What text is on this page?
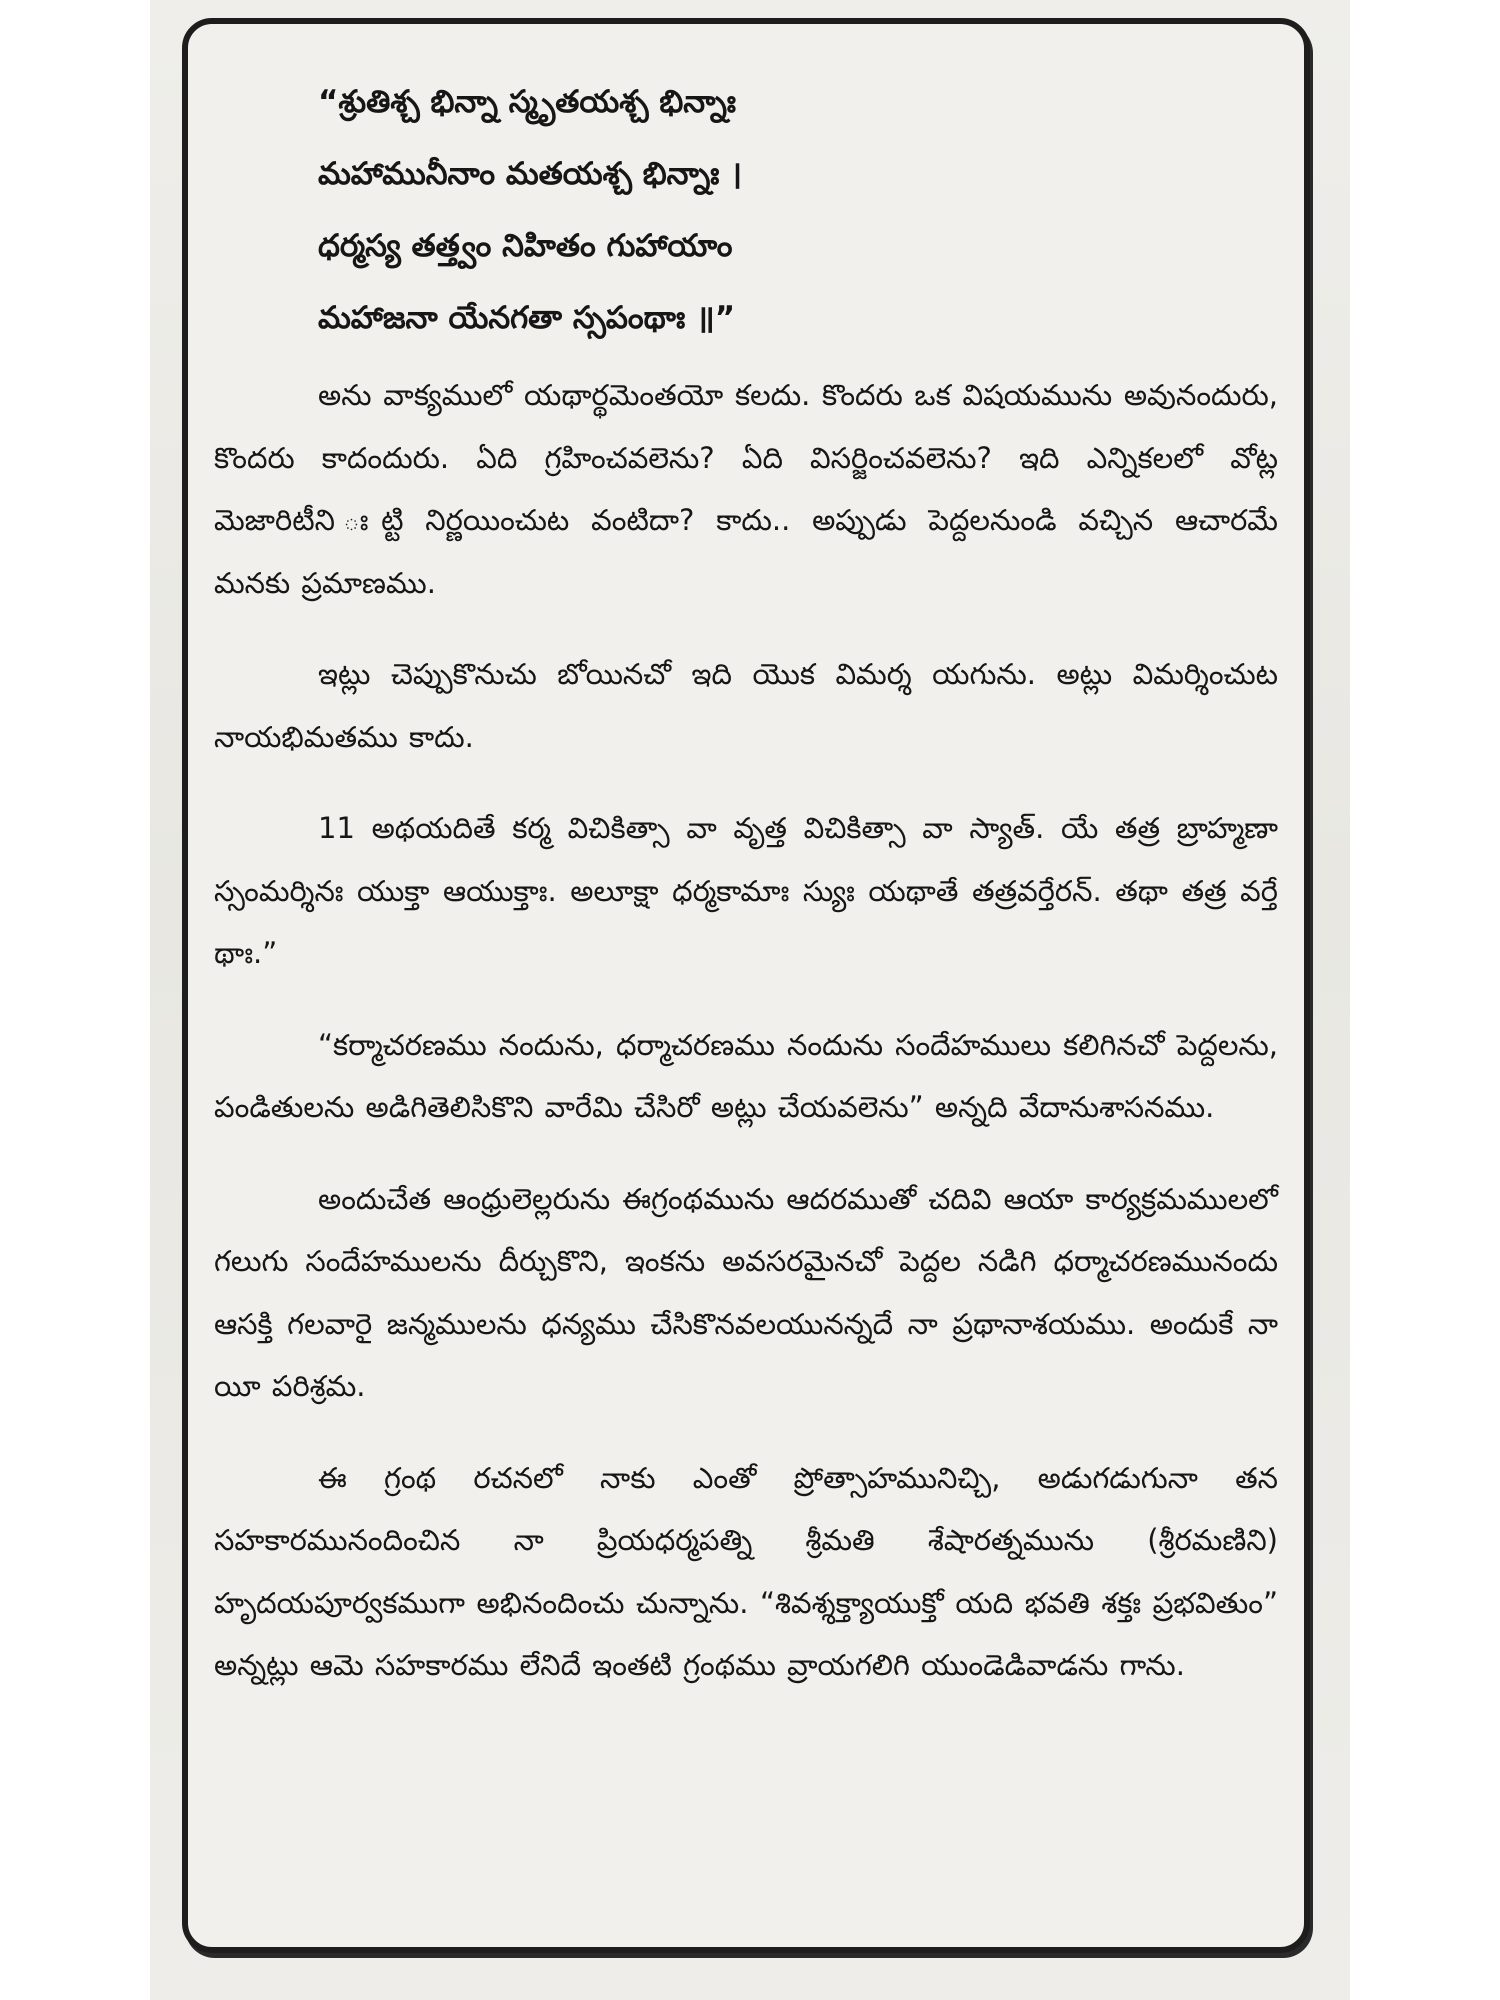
“శ్రుతిశ్చ భిన్నా స్మృతయశ్చ భిన్నాః
మహామునీనాం మతయశ్చ భిన్నాః ।
ధర్మస్య తత్త్వం నిహితం గుహాయాం
మహాజనా యేనగతా స్సపంథాః ॥”

అను వాక్యములో యథార్థమెంతయో కలదు. కొందరు ఒక విషయమును అవునందురు, కొందరు కాదందురు. ఏది గ్రహించవలెను? ఏది విసర్జించవలెను? ఇది ఎన్నికలలో వోట్ల మెజారిటీని ఃట్టి నిర్ణయించుట వంటిదా? కాదు.. అప్పుడు పెద్దలనుండి వచ్చిన ఆచారమే మనకు ప్రమాణము.

ఇట్లు చెప్పుకొనుచు బోయినచో ఇది యొక విమర్శ యగును. అట్లు విమర్శించుట నాయభిమతము కాదు.

11 అథయదితే కర్మ విచికిత్సా వా వృత్త విచికిత్సా వా స్యాత్. యే తత్ర బ్రాహ్మణా స్సంమర్శినః యుక్తా ఆయుక్తాః. అలూక్షా ధర్మకామాః స్యుః యథాతే తత్రవర్తేరన్. తథా తత్ర వర్తే థాః.”

“కర్మాచరణము నందును, ధర్మాచరణము నందును సందేహములు కలిగినచో పెద్దలను, పండితులను అడిగితెలిసికొని వారేమి చేసిరో అట్లు చేయవలెను” అన్నది వేదానుశాసనము.

అందుచేత ఆంధ్రులెల్లరును ఈగ్రంథమును ఆదరముతో చదివి ఆయా కార్యక్రమములలో గలుగు సందేహములను దీర్చుకొని, ఇంకను అవసరమైనచో పెద్దల నడిగి ధర్మాచరణమునందు ఆసక్తి గలవారై జన్మములను ధన్యము చేసికొనవలయునన్నదే నా ప్రథానాశయము. అందుకే నా యీ పరిశ్రమ.

ఈ గ్రంథ రచనలో నాకు ఎంతో ప్రోత్సాహమునిచ్చి, అడుగడుగునా తన సహకారమునందించిన నా ప్రియధర్మపత్ని శ్రీమతి శేషారత్నమును (శ్రీరమణిని) హృదయపూర్వకముగా అభినందించు చున్నాను. “శివశ్శక్త్యాయుక్తో యది భవతి శక్తః ప్రభవితుం” అన్నట్లు ఆమె సహకారము లేనిదే ఇంతటి గ్రంథము వ్రాయగలిగి యుండెడివాడను గాను.
